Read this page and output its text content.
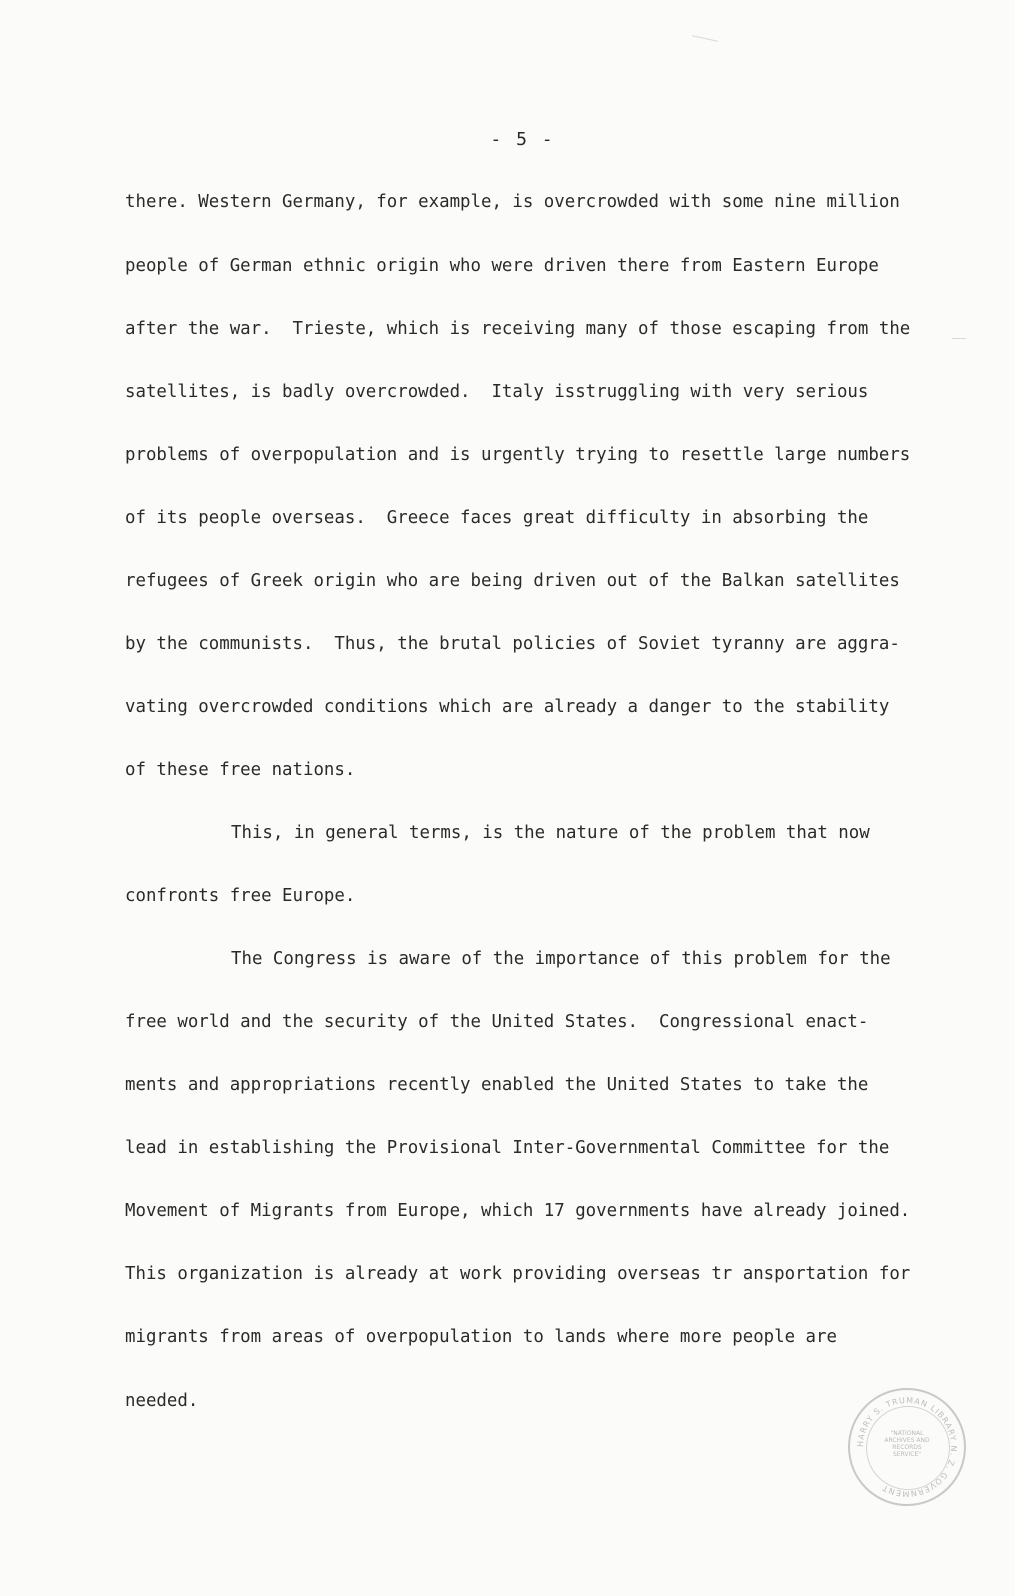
- 5 -
there. Western Germany, for example, is overcrowded with some nine million
people of German ethnic origin who were driven there from Eastern Europe
after the war.  Trieste, which is receiving many of those escaping from the
satellites, is badly overcrowded.  Italy isstruggling with very serious
problems of overpopulation and is urgently trying to resettle large numbers
of its people overseas.  Greece faces great difficulty in absorbing the
refugees of Greek origin who are being driven out of the Balkan satellites
by the communists.  Thus, the brutal policies of Soviet tyranny are aggra-
vating overcrowded conditions which are already a danger to the stability
of these free nations.
This, in general terms, is the nature of the problem that now
confronts free Europe.
The Congress is aware of the importance of this problem for the
free world and the security of the United States.  Congressional enact-
ments and appropriations recently enabled the United States to take the
lead in establishing the Provisional Inter-Governmental Committee for the
Movement of Migrants from Europe, which 17 governments have already joined.
This organization is already at work providing overseas tr ansportation for
migrants from areas of overpopulation to lands where more people are
needed.
HARRY S. TRUMAN LIBRARY N. Z. GOVERNMENT
"NATIONAL
ARCHIVES AND
RECORDS
SERVICE"
